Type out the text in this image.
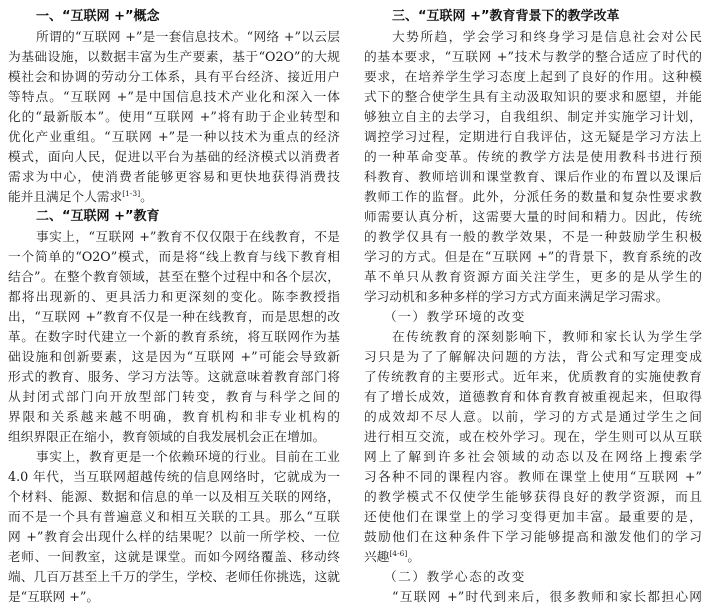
一、“互联网 +”概念
所谓的“互联网 +”是一套信息技术。“网络 +”以云层
为基础设施，以数据丰富为生产要素，基于“O2O”的大规
模社会和协调的劳动分工体系，具有平台经济、接近用户
等特点。“互联网 +”是中国信息技术产业化和深入一体
化的“最新版本”。使用“互联网 +”将有助于企业转型和
优化产业重组。“互联网 +”是一种以技术为重点的经济
模式，面向人民，促进以平台为基础的经济模式以消费者
需求为中心，使消费者能够更容易和更快地获得消费技
能并且满足个人需求[1-3]。
二、“互联网 +”教育
事实上，“互联网 +”教育不仅仅限于在线教育，不是
一个简单的“O2O”模式，而是将“线上教育与线下教育相
结合”。在整个教育领域，甚至在整个过程中和各个层次，
都将出现新的、更具活力和更深刻的变化。陈李教授指
出，“互联网 +”教育不仅是一种在线教育，而是思想的改
革。在数字时代建立一个新的教育系统，将互联网作为基
础设施和创新要素，这是因为“互联网 +”可能会导致新
形式的教育、服务、学习方法等。这就意味着教育部门将
从封闭式部门向开放型部门转变，教育与科学之间的
界限和关系越来越不明确，教育机构和非专业机构的
组织界限正在缩小，教育领域的自我发展机会正在增加。
事实上，教育更是一个依赖环境的行业。目前在工业
4.0 年代，当互联网超越传统的信息网络时，它就成为一
个材料、能源、数据和信息的单一以及相互关联的网络，
而不是一个具有普遍意义和相互关联的工具。那么“互联
网 +”教育会出现什么样的结果呢？以前一所学校、一位
老师、一间教室，这就是课堂。而如今网络覆盖、移动终
端、几百万甚至上千万的学生，学校、老师任你挑选，这就
是“互联网 +”。
三、“互联网 +”教育背景下的教学改革
大势所趋，学会学习和终身学习是信息社会对公民
的基本要求，“互联网 +”技术与教学的整合适应了时代的
要求，在培养学生学习态度上起到了良好的作用。这种模
式下的整合使学生具有主动汲取知识的要求和愿望，并能
够独立自主的去学习，自我组织、制定并实施学习计划，
调控学习过程，定期进行自我评估，这无疑是学习方法上
的一种革命变革。传统的教学方法是使用教科书进行预
科教育、教师培训和课堂教育、课后作业的布置以及课后
教师工作的监督。此外，分派任务的数量和复杂性要求教
师需要认真分析，这需要大量的时间和精力。因此，传统
的教学仅具有一般的教学效果，不是一种鼓励学生积极
学习的方式。但是在“互联网 +”的背景下，教育系统的改
革不单只从教育资源方面关注学生，更多的是从学生的
学习动机和多种多样的学习方式方面来满足学习需求。
（一）教学环境的改变
在传统教育的深刻影响下，教师和家长认为学生学
习只是为了了解解决问题的方法，背公式和写定理变成
了传统教育的主要形式。近年来，优质教育的实施使教育
有了增长成效，道德教育和体育教育被重视起来，但取得
的成效却不尽人意。以前，学习的方式是通过学生之间
进行相互交流，或在校外学习。现在，学生则可以从互联
网上了解到许多社会领域的动态以及在网络上搜索学
习各种不同的课程内容。教师在课堂上使用“互联网 +”
的教学模式不仅使学生能够获得良好的教学资源，而且
还使他们在课堂上的学习变得更加丰富。最重要的是，
鼓励他们在这种条件下学习能够提高和激发他们的学习
兴趣[4-6]。
（二）教学心态的改变
“互联网 +”时代到来后，很多教师和家长都担心网
